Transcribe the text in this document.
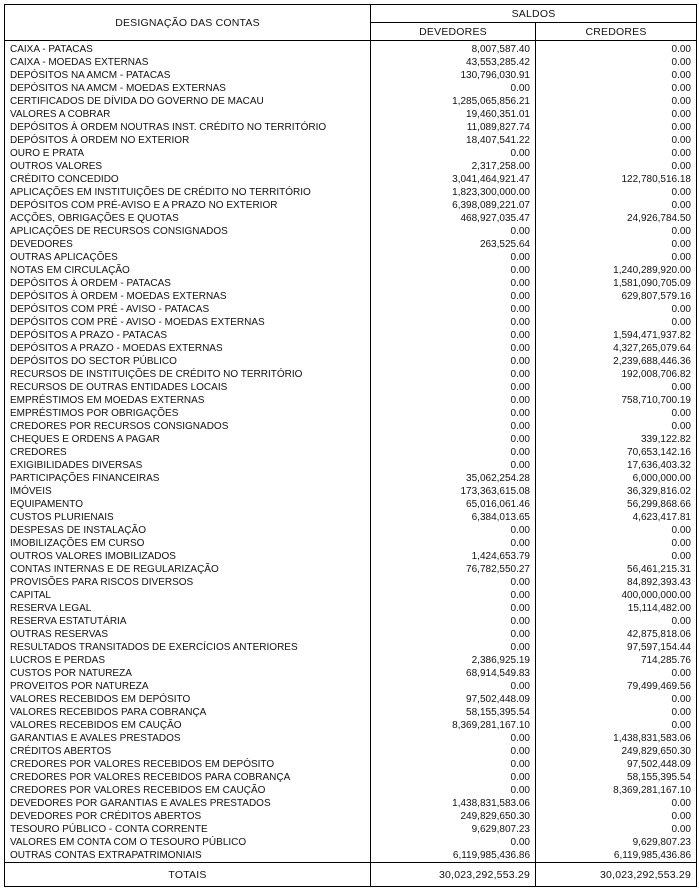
DESIGNAÇÃO DAS CONTAS	SALDOS	
	DEVEDORES	CREDORES
CAIXA - PATACAS	8,007,587.40	0.00
CAIXA - MOEDAS EXTERNAS	43,553,285.42	0.00
DEPÓSITOS NA AMCM - PATACAS	130,796,030.91	0.00
DEPÓSITOS NA AMCM - MOEDAS EXTERNAS	0.00	0.00
CERTIFICADOS DE DÍVIDA DO GOVERNO DE MACAU	1,285,065,856.21	0.00
VALORES A COBRAR	19,460,351.01	0.00
DEPÓSITOS À ORDEM NOUTRAS INST. CRÉDITO NO TERRITÓRIO	11,089,827.74	0.00
DEPÓSITOS À ORDEM NO EXTERIOR	18,407,541.22	0.00
OURO E PRATA	0.00	0.00
OUTROS VALORES	2,317,258.00	0.00
CRÉDITO CONCEDIDO	3,041,464,921.47	122,780,516.18
APLICAÇÕES EM INSTITUIÇÕES DE CRÉDITO NO TERRITÓRIO	1,823,300,000.00	0.00
DEPÓSITOS COM PRÉ-AVISO E A PRAZO NO EXTERIOR	6,398,089,221.07	0.00
ACÇÕES, OBRIGAÇÕES E QUOTAS	468,927,035.47	24,926,784.50
APLICAÇÕES DE RECURSOS CONSIGNADOS	0.00	0.00
DEVEDORES	263,525.64	0.00
OUTRAS APLICAÇÕES	0.00	0.00
NOTAS EM CIRCULAÇÃO	0.00	1,240,289,920.00
DEPÓSITOS À ORDEM - PATACAS	0.00	1,581,090,705.09
DEPÓSITOS À ORDEM - MOEDAS EXTERNAS	0.00	629,807,579.16
DEPÓSITOS COM PRÉ - AVISO - PATACAS	0.00	0.00
DEPÓSITOS COM PRÉ - AVISO - MOEDAS EXTERNAS	0.00	0.00
DEPÓSITOS A PRAZO - PATACAS	0.00	1,594,471,937.82
DEPÓSITOS A PRAZO - MOEDAS EXTERNAS	0.00	4,327,265,079.64
DEPÓSITOS DO SECTOR PÚBLICO	0.00	2,239,688,446.36
RECURSOS DE INSTITUIÇÕES DE CRÉDITO NO TERRITÓRIO	0.00	192,008,706.82
RECURSOS DE OUTRAS ENTIDADES LOCAIS	0.00	0.00
EMPRÉSTIMOS EM MOEDAS EXTERNAS	0.00	758,710,700.19
EMPRÉSTIMOS POR OBRIGAÇÕES	0.00	0.00
CREDORES POR RECURSOS CONSIGNADOS	0.00	0.00
CHEQUES E ORDENS A PAGAR	0.00	339,122.82
CREDORES	0.00	70,653,142.16
EXIGIBILIDADES DIVERSAS	0.00	17,636,403.32
PARTICIPAÇÕES FINANCEIRAS	35,062,254.28	6,000,000.00
IMÓVEIS	173,363,615.08	36,329,816.02
EQUIPAMENTO	65,016,061.46	56,299,868.66
CUSTOS PLURIENAIS	6,384,013.65	4,623,417.81
DESPESAS DE INSTALAÇÃO	0.00	0.00
IMOBILIZAÇÕES EM CURSO	0.00	0.00
OUTROS VALORES IMOBILIZADOS	1,424,653.79	0.00
CONTAS INTERNAS E DE REGULARIZAÇÃO	76,782,550.27	56,461,215.31
PROVISÕES PARA RISCOS DIVERSOS	0.00	84,892,393.43
CAPITAL	0.00	400,000,000.00
RESERVA LEGAL	0.00	15,114,482.00
RESERVA ESTATUTÁRIA	0.00	0.00
OUTRAS RESERVAS	0.00	42,875,818.06
RESULTADOS TRANSITADOS DE EXERCÍCIOS ANTERIORES	0.00	97,597,154.44
LUCROS E PERDAS	2,386,925.19	714,285.76
CUSTOS POR NATUREZA	68,914,549.83	0.00
PROVEITOS POR NATUREZA	0.00	79,499,469.56
VALORES RECEBIDOS EM DEPÓSITO	97,502,448.09	0.00
VALORES RECEBIDOS PARA COBRANÇA	58,155,395.54	0.00
VALORES RECEBIDOS EM CAUÇÃO	8,369,281,167.10	0.00
GARANTIAS E AVALES PRESTADOS	0.00	1,438,831,583.06
CRÉDITOS ABERTOS	0.00	249,829,650.30
CREDORES POR VALORES RECEBIDOS EM DEPÓSITO	0.00	97,502,448.09
CREDORES POR VALORES RECEBIDOS PARA COBRANÇA	0.00	58,155,395.54
CREDORES POR VALORES RECEBIDOS EM CAUÇÃO	0.00	8,369,281,167.10
DEVEDORES POR GARANTIAS E AVALES PRESTADOS	1,438,831,583.06	0.00
DEVEDORES POR CRÉDITOS ABERTOS	249,829,650.30	0.00
TESOURO PÚBLICO - CONTA CORRENTE	9,629,807.23	0.00
VALORES EM CONTA COM O TESOURO PÚBLICO	0.00	9,629,807.23
OUTRAS CONTAS EXTRAPATRIMONIAIS	6,119,985,436.86	6,119,985,436.86
TOTAIS	30,023,292,553.29	30,023,292,553.29
